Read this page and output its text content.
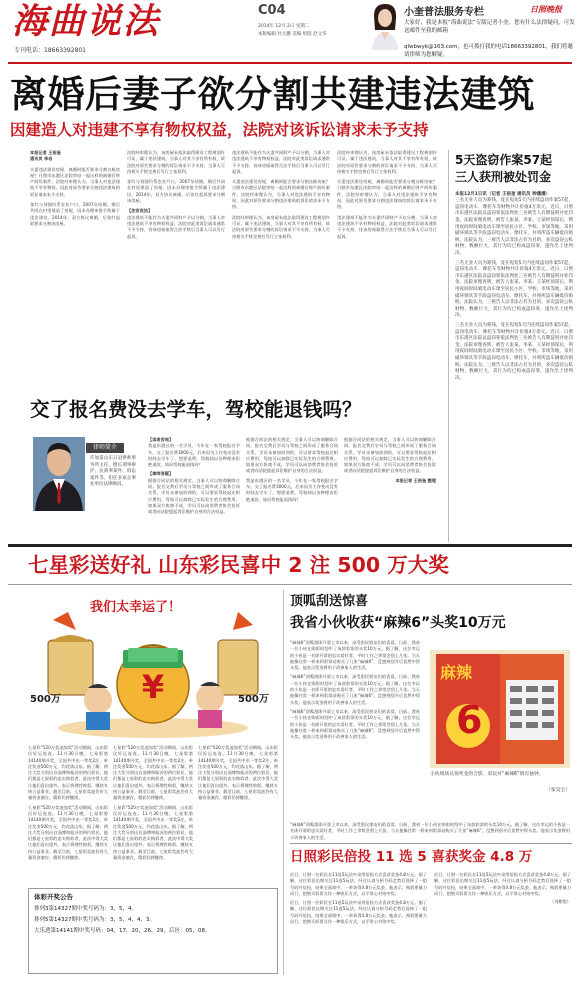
海曲说法
专刊电话：18663392801
C04
2014年 12月 2日 星期二
本版编辑 杜元鹏 美编 组版 赵文华
小奎普法服务专栏	日照晚报
大家好，我是本报“海曲说法”专版记者小奎。您有什么法律疑问，可发送邮件至我的邮箱
qlwbwyk@163.com，也可拨打我的电话18663392801，我们将邀请律师为您解疑。
离婚后妻子欲分割共建违法建筑
因建造人对违建不享有物权权益，法院对该诉讼请求未予支持
本报记者 王裕奎
通讯员 李岩
夫妻违法建设房屋，离婚时能否要求分割这栋房屋？日照市东港区法院审结一起这样的离婚后财产纠纷案件。法院经审理认为，当事人对违法建筑不享有物权，因此对原告要求分割违法建筑的诉讼请求未予支持。
张红与刘强均系农业户口，2007年结婚，婚后共同在村里建造了房屋，因未办理审批手续属于违法建设。2014年，双方协议离婚，后张红起诉要求分割该房屋。
法院经审理认为，该房屋未依法取得建设工程规划许可证，属于违法建筑，当事人对其不享有所有权，故法院对原告要求分割的诉讼请求不予支持，当事人可待相关手续完善后另行主张权利。
张红与刘强均系农业户口，2007年结婚，婚后共同在村里建造了房屋，因未办理审批手续属于违法建设。2014年，双方协议离婚，后张红起诉要求分割该房屋。
【法官说法】
违法建筑不能作为夫妻共同财产予以分割，当事人对违法建筑不享有物权权益，法院对此类诉讼请求通常不予支持，待该房屋取得合法手续后当事人可以另行起诉。
违法建筑不能作为夫妻共同财产予以分割，当事人对违法建筑不享有物权权益，法院对此类诉讼请求通常不予支持，待该房屋取得合法手续后当事人可以另行起诉。
夫妻违法建设房屋，离婚时能否要求分割这栋房屋？日照市东港区法院审结一起这样的离婚后财产纠纷案件。法院经审理认为，当事人对违法建筑不享有物权，因此对原告要求分割违法建筑的诉讼请求未予支持。
法院经审理认为，该房屋未依法取得建设工程规划许可证，属于违法建筑，当事人对其不享有所有权，故法院对原告要求分割的诉讼请求不予支持，当事人可待相关手续完善后另行主张权利。
法院经审理认为，该房屋未依法取得建设工程规划许可证，属于违法建筑，当事人对其不享有所有权，故法院对原告要求分割的诉讼请求不予支持，当事人可待相关手续完善后另行主张权利。
夫妻违法建设房屋，离婚时能否要求分割这栋房屋？日照市东港区法院审结一起这样的离婚后财产纠纷案件。法院经审理认为，当事人对违法建筑不享有物权，因此对原告要求分割违法建筑的诉讼请求未予支持。
违法建筑不能作为夫妻共同财产予以分割，当事人对违法建筑不享有物权权益，法院对此类诉讼请求通常不予支持，待该房屋取得合法手续后当事人可以另行起诉。
5天盗窃作案57起
三人获刑被处罚金
本报12月1日讯（记者 王裕奎 通讯员 种潘潘）
三名无业人员为筹钱，竟在短短5天内连续盗窃作案57起，盗窃电动车、摩托车等财物共计价值4万余元。近日，日照市东港区法院以盗窃罪依法判处三名被告人有期徒刑并处罚金。法院审理查明，被告人张某、李某、王某经预谋后，利用夜间时间骑电动车窜至居民小区、学校、市场等地，采用破坏锁具等手段盗窃电动车、摩托车，并将所盗车辆低价销赃。法院认为，三被告人以非法占有为目的，多次盗窃公私财物，数额巨大，其行为均已构成盗窃罪，遂作出上述判决。
三名无业人员为筹钱，竟在短短5天内连续盗窃作案57起，盗窃电动车、摩托车等财物共计价值4万余元。近日，日照市东港区法院以盗窃罪依法判处三名被告人有期徒刑并处罚金。法院审理查明，被告人张某、李某、王某经预谋后，利用夜间时间骑电动车窜至居民小区、学校、市场等地，采用破坏锁具等手段盗窃电动车、摩托车，并将所盗车辆低价销赃。法院认为，三被告人以非法占有为目的，多次盗窃公私财物，数额巨大，其行为均已构成盗窃罪，遂作出上述判决。
三名无业人员为筹钱，竟在短短5天内连续盗窃作案57起，盗窃电动车、摩托车等财物共计价值4万余元。近日，日照市东港区法院以盗窃罪依法判处三名被告人有期徒刑并处罚金。法院审理查明，被告人张某、李某、王某经预谋后，利用夜间时间骑电动车窜至居民小区、学校、市场等地，采用破坏锁具等手段盗窃电动车、摩托车，并将所盗车辆低价销赃。法院认为，三被告人以非法占有为目的，多次盗窃公私财物，数额巨大，其行为均已构成盗窃罪，遂作出上述判决。
交了报名费没去学车，驾校能退钱吗？
律师简介
许加雷山东日冠律师事务所主任，擅长刑事辩护、民商事案件、诉讼案件等，担任多家企事业单位法律顾问。
【读者咨询】
我是东港区的一名学员，今年在一家驾校报名学车，交了报名费3000元，后来因为工作变动没有时间去学车了，想要退费，驾校却以各种理由拒绝退款，请问驾校能退钱吗？
【律师答疑】
根据合同法的相关规定，当事人可以协商解除合同。报名交费后学员与驾校之间形成了服务合同关系，学员未参加培训的，可以要求驾校退还相应费用，驾校可以扣除已实际发生的合理费用。如果双方协商不成，学员可以向消费者协会投诉或者向法院提起诉讼维护自身的合法权益。
根据合同法的相关规定，当事人可以协商解除合同。报名交费后学员与驾校之间形成了服务合同关系，学员未参加培训的，可以要求驾校退还相应费用，驾校可以扣除已实际发生的合理费用。如果双方协商不成，学员可以向消费者协会投诉或者向法院提起诉讼维护自身的合法权益。
我是东港区的一名学员，今年在一家驾校报名学车，交了报名费3000元，后来因为工作变动没有时间去学车了，想要退费，驾校却以各种理由拒绝退款，请问驾校能退钱吗？
根据合同法的相关规定，当事人可以协商解除合同。报名交费后学员与驾校之间形成了服务合同关系，学员未参加培训的，可以要求驾校退还相应费用，驾校可以扣除已实际发生的合理费用。如果双方协商不成，学员可以向消费者协会投诉或者向法院提起诉讼维护自身的合法权益。
本报记者 王裕奎 整理
七星彩送好礼 山东彩民喜中 2 注 500 万大奖
¥
我们太幸运了！
500万	500万
七星彩“520万奖池加奖”活动期间，山东彩民好运连连。11月30日晚，七星彩第14140期开奖，全国共中出一等奖2注，单注奖金500万元，均花落山东。据了解，两注大奖分别出自淄博和临沂的两位彩民，他们都是七星彩的忠实购彩者，此次中得大奖让他们喜出望外，表示将理性购彩，继续支持公益事业。截至目前，七星彩奖池仍有大量资金滚存，精彩仍将继续。
七星彩“520万奖池加奖”活动期间，山东彩民好运连连。11月30日晚，七星彩第14140期开奖，全国共中出一等奖2注，单注奖金500万元，均花落山东。据了解，两注大奖分别出自淄博和临沂的两位彩民，他们都是七星彩的忠实购彩者，此次中得大奖让他们喜出望外，表示将理性购彩，继续支持公益事业。截至目前，七星彩奖池仍有大量资金滚存，精彩仍将继续。
七星彩“520万奖池加奖”活动期间，山东彩民好运连连。11月30日晚，七星彩第14140期开奖，全国共中出一等奖2注，单注奖金500万元，均花落山东。据了解，两注大奖分别出自淄博和临沂的两位彩民，他们都是七星彩的忠实购彩者，此次中得大奖让他们喜出望外，表示将理性购彩，继续支持公益事业。截至目前，七星彩奖池仍有大量资金滚存，精彩仍将继续。
七星彩“520万奖池加奖”活动期间，山东彩民好运连连。11月30日晚，七星彩第14140期开奖，全国共中出一等奖2注，单注奖金500万元，均花落山东。据了解，两注大奖分别出自淄博和临沂的两位彩民，他们都是七星彩的忠实购彩者，此次中得大奖让他们喜出望外，表示将理性购彩，继续支持公益事业。截至目前，七星彩奖池仍有大量资金滚存，精彩仍将继续。
七星彩“520万奖池加奖”活动期间，山东彩民好运连连。11月30日晚，七星彩第14140期开奖，全国共中出一等奖2注，单注奖金500万元，均花落山东。据了解，两注大奖分别出自淄博和临沂的两位彩民，他们都是七星彩的忠实购彩者，此次中得大奖让他们喜出望外，表示将理性购彩，继续支持公益事业。截至目前，七星彩奖池仍有大量资金滚存，精彩仍将继续。
体彩开奖公告
排列3第14327期中奖号码为：3，5，4。
排列5第14327期中奖号码为：3，5，4，4，3。
大乐透第14141期中奖号码：04，17，20，26，29，后区：05，08。
顶呱刮送惊喜
我省小伙收获“麻辣6”头奖10万元
“麻辣6”顶呱刮即开票上市以来，深受彩民朋友们的喜爱。日前，我省一位小伙在购彩时刮中了该款彩票的头奖10万元。据了解，这位幸运的小伙是一名即开票的忠实爱好者，平时工作之余常会刮上几张。当天他像往常一样来到彩票站购买了几张“麻辣6”，没想到刮开后竟然中得头奖。他表示奖金将用于改善家人的生活。
“麻辣6”顶呱刮即开票上市以来，深受彩民朋友们的喜爱。日前，我省一位小伙在购彩时刮中了该款彩票的头奖10万元。据了解，这位幸运的小伙是一名即开票的忠实爱好者，平时工作之余常会刮上几张。当天他像往常一样来到彩票站购买了几张“麻辣6”，没想到刮开后竟然中得头奖。他表示奖金将用于改善家人的生活。
“麻辣6”顶呱刮即开票上市以来，深受彩民朋友们的喜爱。日前，我省一位小伙在购彩时刮中了该款彩票的头奖10万元。据了解，这位幸运的小伙是一名即开票的忠实爱好者，平时工作之余常会刮上几张。当天他像往常一样来到彩票站购买了几张“麻辣6”，没想到刮开后竟然中得头奖。他表示奖金将用于改善家人的生活。
麻辣
6
小伙现场兑领奖金的合影，彩民对“麻辣6”情有独钟。
（张昊宝）
“麻辣6”顶呱刮即开票上市以来，深受彩民朋友们的喜爱。日前，我省一位小伙在购彩时刮中了该款彩票的头奖10万元。据了解，这位幸运的小伙是一名即开票的忠实爱好者，平时工作之余常会刮上几张。当天他像往常一样来到彩票站购买了几张“麻辣6”，没想到刮开后竟然中得头奖。他表示奖金将用于改善家人的生活。
日照彩民倍投 11 选 5 喜获奖金 4.8 万
近日，日照一位彩民在11选5玩法中采用倍投方式喜获奖金4.8万元。据了解，这位彩民长期关注11选5玩法，经过认真分析号码走势后选择了一组号码并倍投，结果全部命中，一举获得4.8万元奖金。他表示，购彩要量力而行，把购买彩票当作一种娱乐方式，以平常心对待中奖。
近日，日照一位彩民在11选5玩法中采用倍投方式喜获奖金4.8万元。据了解，这位彩民长期关注11选5玩法，经过认真分析号码走势后选择了一组号码并倍投，结果全部命中，一举获得4.8万元奖金。他表示，购彩要量力而行，把购买彩票当作一种娱乐方式，以平常心对待中奖。
近日，日照一位彩民在11选5玩法中采用倍投方式喜获奖金4.8万元。据了解，这位彩民长期关注11选5玩法，经过认真分析号码走势后选择了一组号码并倍投，结果全部命中，一举获得4.8万元奖金。他表示，购彩要量力而行，把购买彩票当作一种娱乐方式，以平常心对待中奖。
（刘紫悦）
